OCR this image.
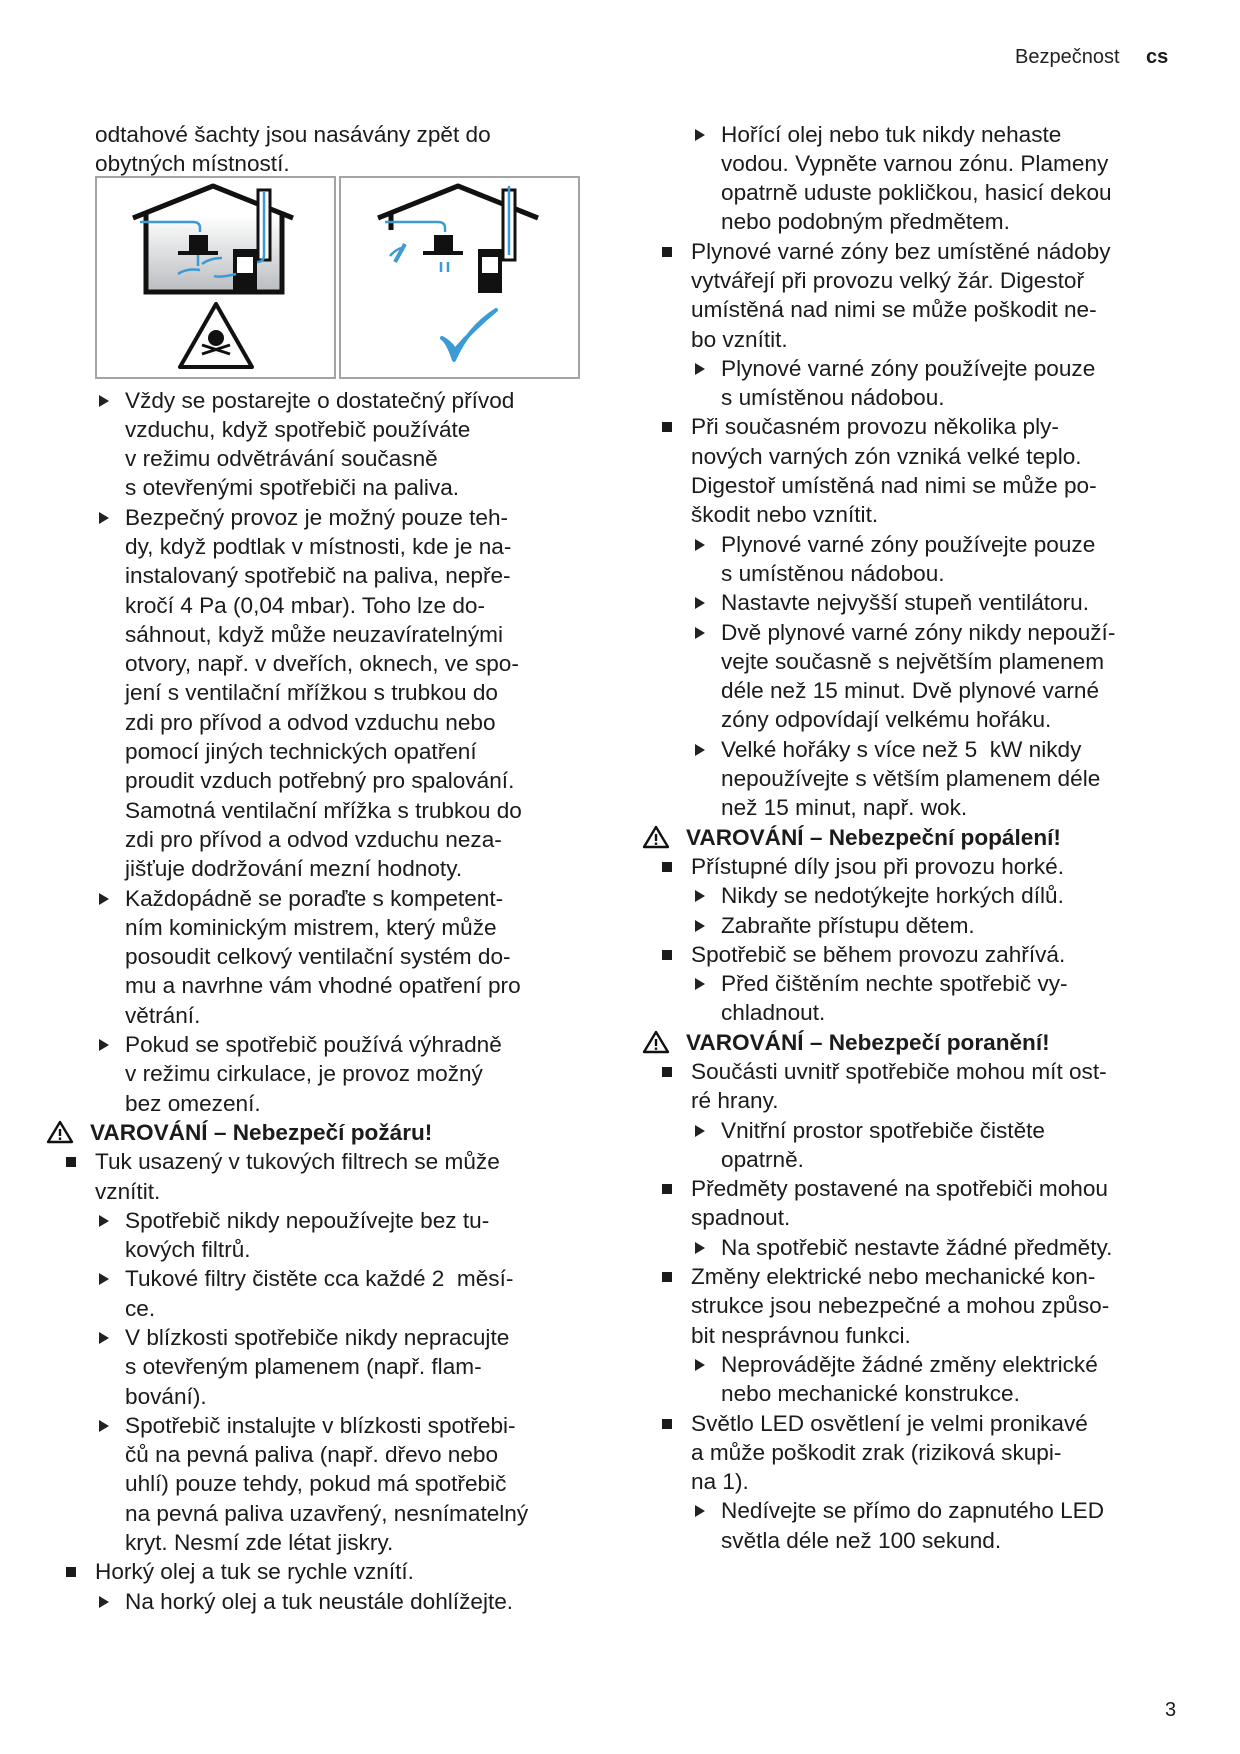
Bezpečnost cs
odtahové šachty jsou nasávány zpět do
obytných místností.
Vždy se postarejte o dostatečný přívod
vzduchu, když spotřebič používáte
v režimu odvětrávání současně
s otevřenými spotřebiči na paliva.
Bezpečný provoz je možný pouze teh-
dy, když podtlak v místnosti, kde je na-
instalovaný spotřebič na paliva, nepře-
kročí 4 Pa (0,04 mbar). Toho lze do-
sáhnout, když může neuzavíratelnými
otvory, např. v dveřích, oknech, ve spo-
jení s ventilační mřížkou s trubkou do
zdi pro přívod a odvod vzduchu nebo
pomocí jiných technických opatření
proudit vzduch potřebný pro spalování.
Samotná ventilační mřížka s trubkou do
zdi pro přívod a odvod vzduchu neza-
jišťuje dodržování mezní hodnoty.
Každopádně se poraďte s kompetent-
ním kominickým mistrem, který může
posoudit celkový ventilační systém do-
mu a navrhne vám vhodné opatření pro
větrání.
Pokud se spotřebič používá výhradně
v režimu cirkulace, je provoz možný
bez omezení.
VAROVÁNÍ – Nebezpečí požáru!
Tuk usazený v tukových filtrech se může
vznítit.
Spotřebič nikdy nepoužívejte bez tu-
kových filtrů.
Tukové filtry čistěte cca každé 2  měsí-
ce.
V blízkosti spotřebiče nikdy nepracujte
s otevřeným plamenem (např. flam-
bování).
Spotřebič instalujte v blízkosti spotřebi-
čů na pevná paliva (např. dřevo nebo
uhlí) pouze tehdy, pokud má spotřebič
na pevná paliva uzavřený, nesnímatelný
kryt. Nesmí zde létat jiskry.
Horký olej a tuk se rychle vznítí.
Na horký olej a tuk neustále dohlížejte.
Hořící olej nebo tuk nikdy nehaste
vodou. Vypněte varnou zónu. Plameny
opatrně uduste pokličkou, hasicí dekou
nebo podobným předmětem.
Plynové varné zóny bez umístěné nádoby
vytvářejí při provozu velký žár. Digestoř
umístěná nad nimi se může poškodit ne-
bo vznítit.
Plynové varné zóny používejte pouze
s umístěnou nádobou.
Při současném provozu několika ply-
nových varných zón vzniká velké teplo.
Digestoř umístěná nad nimi se může po-
škodit nebo vznítit.
Plynové varné zóny používejte pouze
s umístěnou nádobou.
Nastavte nejvyšší stupeň ventilátoru.
Dvě plynové varné zóny nikdy nepouží-
vejte současně s největším plamenem
déle než 15 minut. Dvě plynové varné
zóny odpovídají velkému hořáku.
Velké hořáky s více než 5  kW nikdy
nepoužívejte s větším plamenem déle
než 15 minut, např. wok.
VAROVÁNÍ – Nebezpeční popálení!
Přístupné díly jsou při provozu horké.
Nikdy se nedotýkejte horkých dílů.
Zabraňte přístupu dětem.
Spotřebič se během provozu zahřívá.
Před čištěním nechte spotřebič vy-
chladnout.
VAROVÁNÍ – Nebezpečí poranění!
Součásti uvnitř spotřebiče mohou mít ost-
ré hrany.
Vnitřní prostor spotřebiče čistěte
opatrně.
Předměty postavené na spotřebiči mohou
spadnout.
Na spotřebič nestavte žádné předměty.
Změny elektrické nebo mechanické kon-
strukce jsou nebezpečné a mohou způso-
bit nesprávnou funkci.
Neprovádějte žádné změny elektrické
nebo mechanické konstrukce.
Světlo LED osvětlení je velmi pronikavé
a může poškodit zrak (riziková skupi-
na 1).
Nedívejte se přímo do zapnutého LED
světla déle než 100 sekund.
3
